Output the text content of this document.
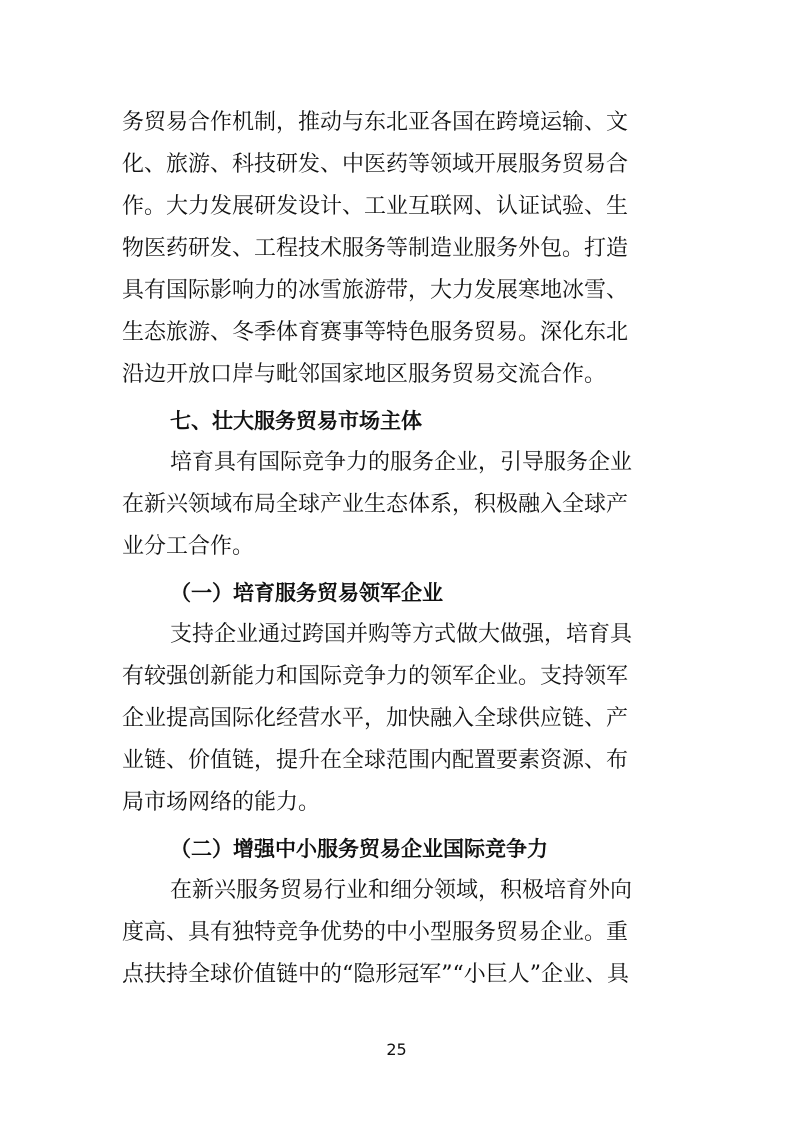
务贸易合作机制，推动与东北亚各国在跨境运输、文
化、旅游、科技研发、中医药等领域开展服务贸易合
作。大力发展研发设计、工业互联网、认证试验、生
物医药研发、工程技术服务等制造业服务外包。打造
具有国际影响力的冰雪旅游带，大力发展寒地冰雪、
生态旅游、冬季体育赛事等特色服务贸易。深化东北
沿边开放口岸与毗邻国家地区服务贸易交流合作。
七、壮大服务贸易市场主体
培育具有国际竞争力的服务企业，引导服务企业
在新兴领域布局全球产业生态体系，积极融入全球产
业分工合作。
（一）培育服务贸易领军企业
支持企业通过跨国并购等方式做大做强，培育具
有较强创新能力和国际竞争力的领军企业。支持领军
企业提高国际化经营水平，加快融入全球供应链、产
业链、价值链，提升在全球范围内配置要素资源、布
局市场网络的能力。
（二）增强中小服务贸易企业国际竞争力
在新兴服务贸易行业和细分领域，积极培育外向
度高、具有独特竞争优势的中小型服务贸易企业。重
点扶持全球价值链中的“隐形冠军”“小巨人”企业、具
25
